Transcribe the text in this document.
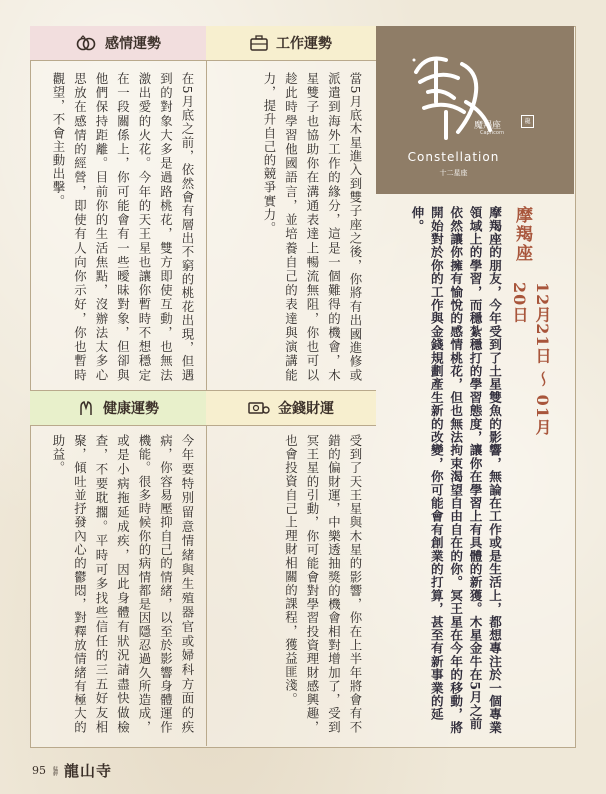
感情運勢
在5月底之前，依然會有層出不窮的桃花出現，但遇到的對象大多是過路桃花，雙方即使互動，也無法激出愛的火花。今年的天王星也讓你暫時不想穩定在一段關係上，你可能會有一些曖昧對象，但卻與他們保持距離。目前你的生活焦點，沒辦法太多心思放在感情的經營，即使有人向你示好，你也暫時觀望，不會主動出擊。
工作運勢
當5月底木星進入到雙子座之後，你將有出國進修或派遣到海外工作的緣分，這是一個難得的機會，木星雙子也協助你在溝通表達上暢流無阻，你也可以趁此時學習他國語言，並培養自己的表達與演講能力，提升自己的競爭實力。
健康運勢
今年要特別留意情緒與生殖器官或婦科方面的疾病，你容易壓抑自己的情緒，以至於影響身體運作機能。很多時候你的病情都是因隱忍過久所造成，或是小病拖延成疾，因此身體有狀況請盡快做檢查，不要耽擱。平時可多找些信任的三五好友相聚，傾吐並抒發內心的鬱悶，對釋放情緒有極大的助益。
金錢財運
受到了天王星與木星的影響，你在上半年將會有不錯的偏財運，中樂透抽獎的機會相對增加了，受到冥王星的引動，你可能會對學習投資理財感興趣，也會投資自己上理財相關的課程，獲益匪淺。
魔羯座
Capricorn
龍
Constellation
十二星座
摩羯座
12月21日 ～ 01月20日
摩羯座的朋友，今年受到了土星雙魚的影響，無論在工作或是生活上，都想專注於一個專業領域上的學習，而穩紮穩打的學習態度，讓你在學習上有具體的新獲。木星金牛在5月之前依然讓你擁有愉悅的感情桃花，但也無法拘束渴望自由自在的你。冥王星在今年的移動，將開始對於你的工作與金錢規劃產生新的改變，你可能會有創業的打算，甚至有新事業的延伸。
95 艋舺 龍山寺
